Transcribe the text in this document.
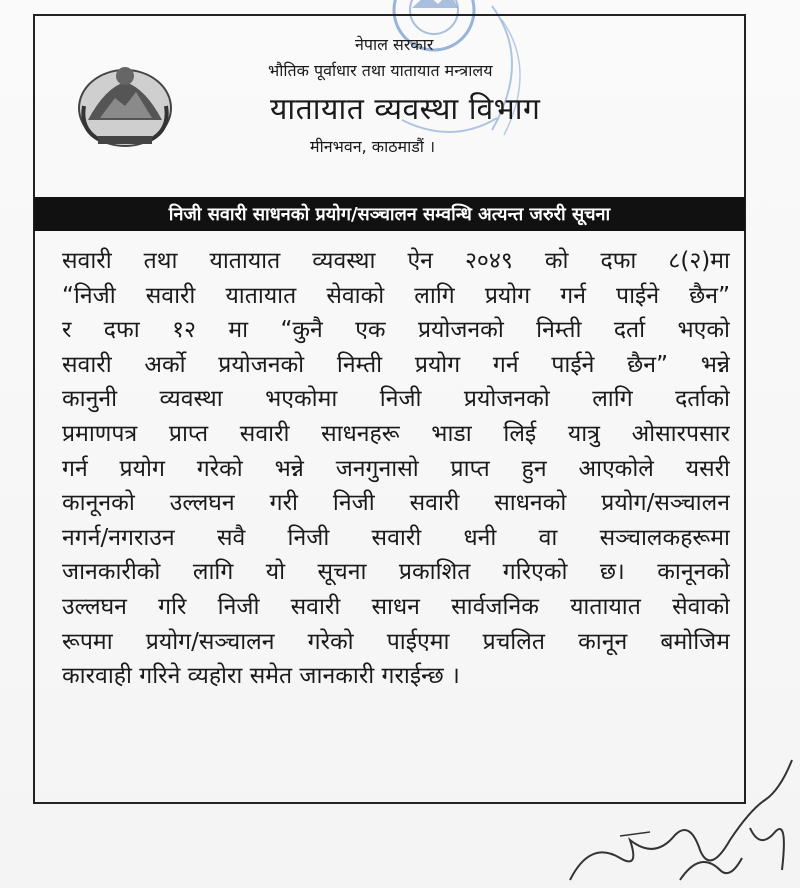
नेपाल सरकार
भौतिक पूर्वाधार तथा यातायात मन्त्रालय
यातायात व्यवस्था विभाग
मीनभवन, काठमाडौं ।
निजी सवारी साधनको प्रयोग/सञ्चालन सम्वन्धि अत्यन्त जरुरी सूचना
सवारी तथा यातायात व्यवस्था ऐन २०४९ को दफा ८(२)मा
“निजी सवारी यातायात सेवाको लागि प्रयोग गर्न पाईने छैन”
र दफा १२ मा “कुनै एक प्रयोजनको निम्ती दर्ता भएको
सवारी अर्को प्रयोजनको निम्ती प्रयोग गर्न पाईने छैन” भन्ने
कानुनी व्यवस्था भएकोमा निजी प्रयोजनको लागि दर्ताको
प्रमाणपत्र प्राप्त सवारी साधनहरू भाडा लिई यात्रु ओसारपसार
गर्न प्रयोग गरेको भन्ने जनगुनासो प्राप्त हुन आएकोले यसरी
कानूनको उल्लघन गरी निजी सवारी साधनको प्रयोग/सञ्चालन
नगर्न/नगराउन सवै निजी सवारी धनी वा सञ्चालकहरूमा
जानकारीको लागि यो सूचना प्रकाशित गरिएको छ। कानूनको
उल्लघन गरि निजी सवारी साधन सार्वजनिक यातायात सेवाको
रूपमा प्रयोग/सञ्चालन गरेको पाईएमा प्रचलित कानून बमोजिम
कारवाही गरिने व्यहोरा समेत जानकारी गराईन्छ ।
